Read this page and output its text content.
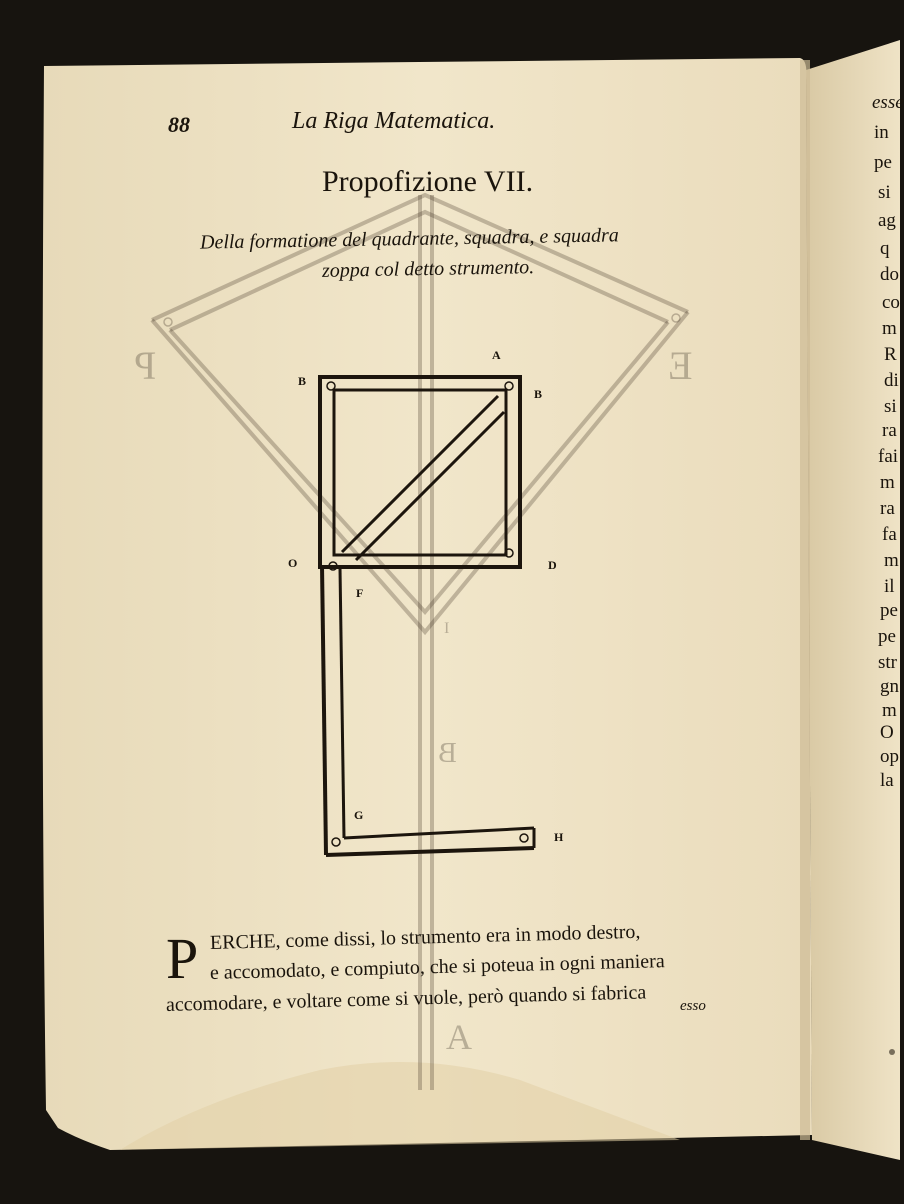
88	La Riga Matematica.
Propofizione VII.
Della formatione del quadrante, squadra, e squadra
zoppa col detto strumento.
A
B
B
O	D
F
G
H
P	E
I
B
A
P ERCHE, come dissi, lo strumento era in modo destro,
e accomodato, e compiuto, che si poteua in ogni maniera
accomodare, e voltare come si vuole, però quando si fabrica esso
esse
in
pe
si
ag
q
do
co
m
R
di
si
ra
fai
m
ra
fa
m
il
pe
pe
str
gn
m
O
op
la
